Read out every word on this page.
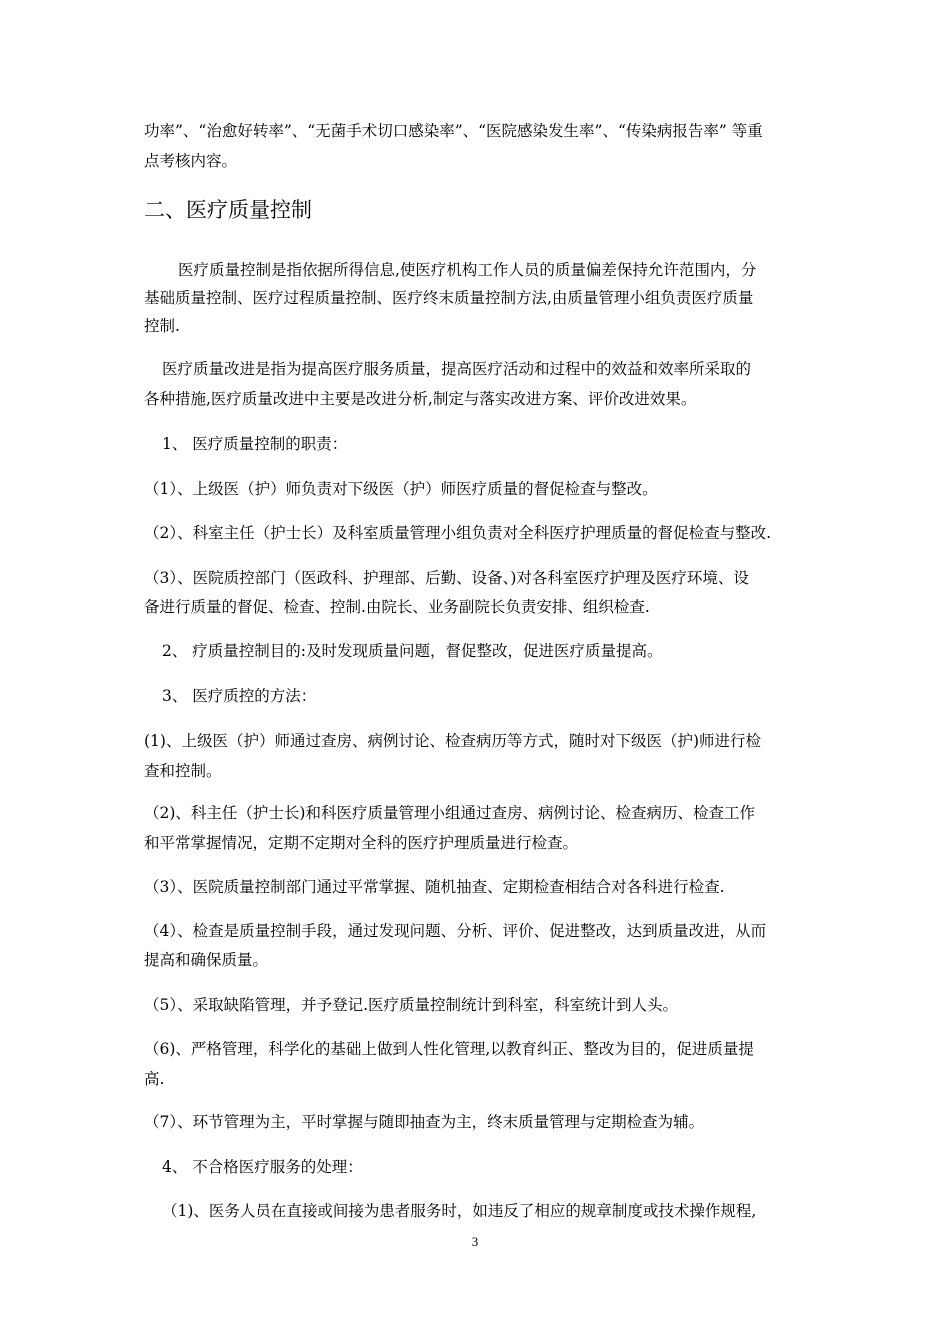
功率”、“治愈好转率”、“无菌手术切口感染率”、“医院感染发生率”、“传染病报告率” 等重
点考核内容。
二、医疗质量控制
医疗质量控制是指依据所得信息,使医疗机构工作人员的质量偏差保持允许范围内，分
基础质量控制、医疗过程质量控制、医疗终末质量控制方法,由质量管理小组负责医疗质量
控制.
医疗质量改进是指为提高医疗服务质量，提高医疗活动和过程中的效益和效率所采取的
各种措施,医疗质量改进中主要是改进分析,制定与落实改进方案、评价改进效果。
1、 医疗质量控制的职责：
（1）、上级医（护）师负责对下级医（护）师医疗质量的督促检查与整改。
（2）、科室主任（护士长）及科室质量管理小组负责对全科医疗护理质量的督促检查与整改.
（3）、医院质控部门（医政科、护理部、后勤、设备、)对各科室医疗护理及医疗环境、设
备进行质量的督促、检查、控制.由院长、业务副院长负责安排、组织检查.
2、 疗质量控制目的:及时发现质量问题，督促整改，促进医疗质量提高。
3、 医疗质控的方法：
(1)、上级医（护）师通过查房、病例讨论、检查病历等方式，随时对下级医（护)师进行检
查和控制。
（2)、科主任（护士长)和科医疗质量管理小组通过查房、病例讨论、检查病历、检查工作
和平常掌握情况，定期不定期对全科的医疗护理质量进行检查。
（3）、医院质量控制部门通过平常掌握、随机抽查、定期检查相结合对各科进行检查.
（4）、检查是质量控制手段，通过发现问题、分析、评价、促进整改，达到质量改进，从而
提高和确保质量。
（5）、采取缺陷管理，并予登记.医疗质量控制统计到科室，科室统计到人头。
（6)、严格管理，科学化的基础上做到人性化管理,以教育纠正、整改为目的，促进质量提
高.
（7）、环节管理为主，平时掌握与随即抽查为主，终末质量管理与定期检查为辅。
4、 不合格医疗服务的处理：
（1)、医务人员在直接或间接为患者服务时，如违反了相应的规章制度或技术操作规程,
3
